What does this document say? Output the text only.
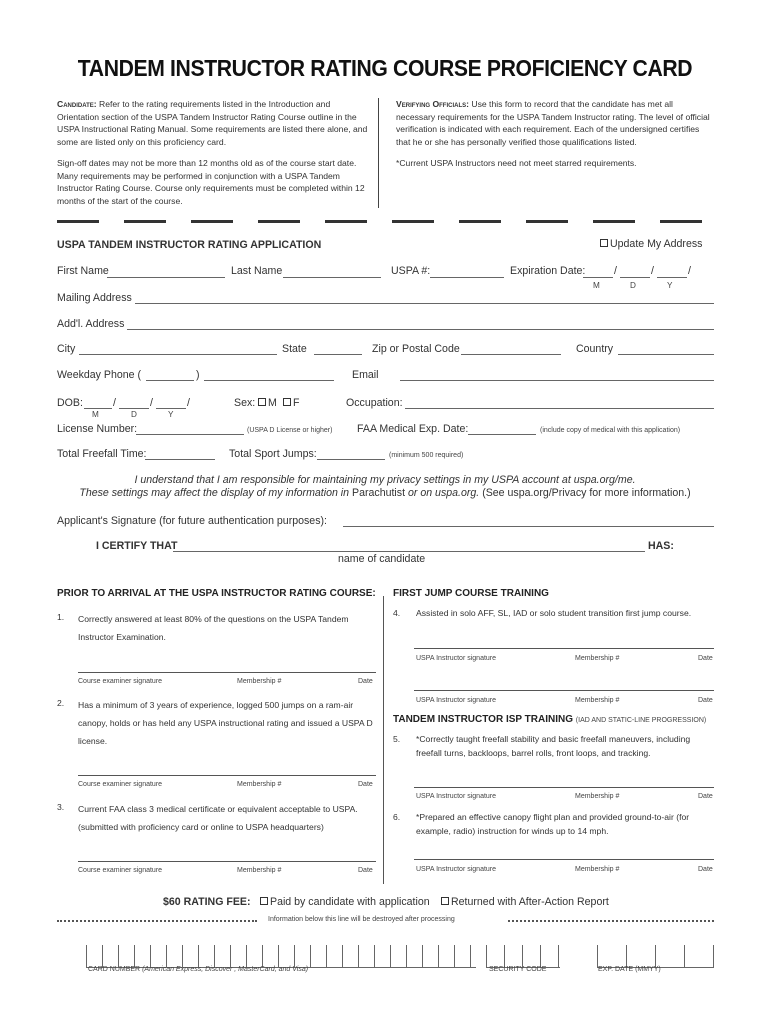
TANDEM INSTRUCTOR RATING COURSE PROFICIENCY CARD
Candidate: Refer to the rating requirements listed in the Introduction and Orientation section of the USPA Tandem Instructor Rating Course outline in the USPA Instructional Rating Manual. Some requirements are listed there alone, and some are listed only on this proficiency card.
Sign-off dates may not be more than 12 months old as of the course start date. Many requirements may be performed in conjunction with a USPA Tandem Instructor Rating Course. Course only requirements must be completed within 12 months of the start of the course.
Verifying Officials: Use this form to record that the candidate has met all necessary requirements for the USPA Tandem Instructor rating. The level of official verification is indicated with each requirement. Each of the undersigned certifies that he or she has personally verified those qualifications listed.
*Current USPA Instructors need not meet starred requirements.
USPA TANDEM INSTRUCTOR RATING APPLICATION	Update My Address
First Name	Last Name	USPA #:	Expiration Date:	/	/	/
M	D	Y
Mailing Address
Add'l. Address
City	State	Zip or Postal Code	Country
Weekday Phone (	)	Email
DOB:	/	/	/
M	D	Y
Sex:	M	F	Occupation:
License Number:	(USPA D License or higher) FAA Medical Exp. Date:	(include copy of medical with this application)
Total Freefall Time:	Total Sport Jumps:	(minimum 500 required)
I understand that I am responsible for maintaining my privacy settings in my USPA account at uspa.org/me.
These settings may affect the display of my information in Parachutist or on uspa.org. (See uspa.org/Privacy for more information.)
Applicant's Signature (for future authentication purposes):
I CERTIFY THAT	HAS:
name of candidate
PRIOR TO ARRIVAL AT THE USPA INSTRUCTOR RATING COURSE:
1. Correctly answered at least 80% of the questions on the USPA Tandem Instructor Examination.
Course examiner signature	Membership #	Date
2. Has a minimum of 3 years of experience, logged 500 jumps on a ram-air canopy, holds or has held any USPA instructional rating and issued a USPA D license.
Course examiner signature	Membership #	Date
3. Current FAA class 3 medical certificate or equivalent acceptable to USPA. (submitted with proficiency card or online to USPA headquarters)
Course examiner signature	Membership #	Date
FIRST JUMP COURSE TRAINING
4. Assisted in solo AFF, SL, IAD or solo student transition first jump course.
USPA Instructor signature	Membership #	Date
USPA Instructor signature	Membership #	Date
TANDEM INSTRUCTOR ISP TRAINING (IAD AND STATIC-LINE PROGRESSION)
5. *Correctly taught freefall stability and basic freefall maneuvers, including freefall turns, backloops, barrel rolls, front loops, and tracking.
USPA Instructor signature	Membership #	Date
6. *Prepared an effective canopy flight plan and provided ground-to-air (for example, radio) instruction for winds up to 14 mph.
USPA Instructor signature	Membership #	Date
$60 RATING FEE:	Paid by candidate with application	Returned with After-Action Report
Information below this line will be destroyed after processing
CARD NUMBER (American Express, Discover , MasterCard, and Visa)	SECURITY CODE	EXP. DATE (MMYY)
